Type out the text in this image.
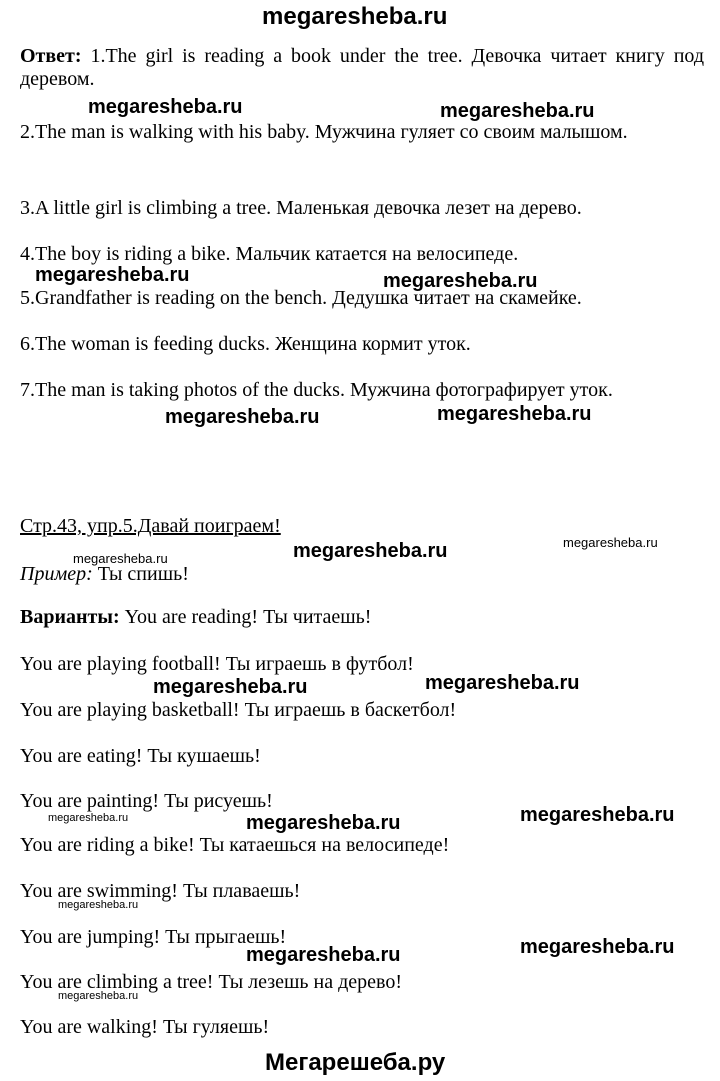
megaresheba.ru
Ответ: 1.The girl is reading a book under the tree. Девочка читает книгу под деревом.
megaresheba.ru	megaresheba.ru
2.The man is walking with his baby. Мужчина гуляет со своим малышом.
3.A little girl is climbing a tree. Маленькая девочка лезет на дерево.
4.The boy is riding a bike. Мальчик катается на велосипеде.
megaresheba.ru	megaresheba.ru
5.Grandfather is reading on the bench. Дедушка читает на скамейке.
6.The woman is feeding ducks. Женщина кормит уток.
7.The man is taking photos of the ducks. Мужчина фотографирует уток.
megaresheba.ru	megaresheba.ru
Стр.43, упр.5.Давай поиграем!
megaresheba.ru	megaresheba.ru
megaresheba.ru
Пример: Ты спишь!
Варианты: You are reading! Ты читаешь!
You are playing football! Ты играешь в футбол!
megaresheba.ru	megaresheba.ru
You are playing basketball! Ты играешь в баскетбол!
You are eating! Ты кушаешь!
You are painting! Ты рисуешь!
megaresheba.ru	megaresheba.ru	megaresheba.ru
You are riding a bike! Ты катаешься на велосипеде!
You are swimming! Ты плаваешь!
megaresheba.ru
You are jumping! Ты прыгаешь!
megaresheba.ru	megaresheba.ru
You are climbing a tree! Ты лезешь на дерево!
megaresheba.ru
You are walking! Ты гуляешь!
Мегарешеба.ру
